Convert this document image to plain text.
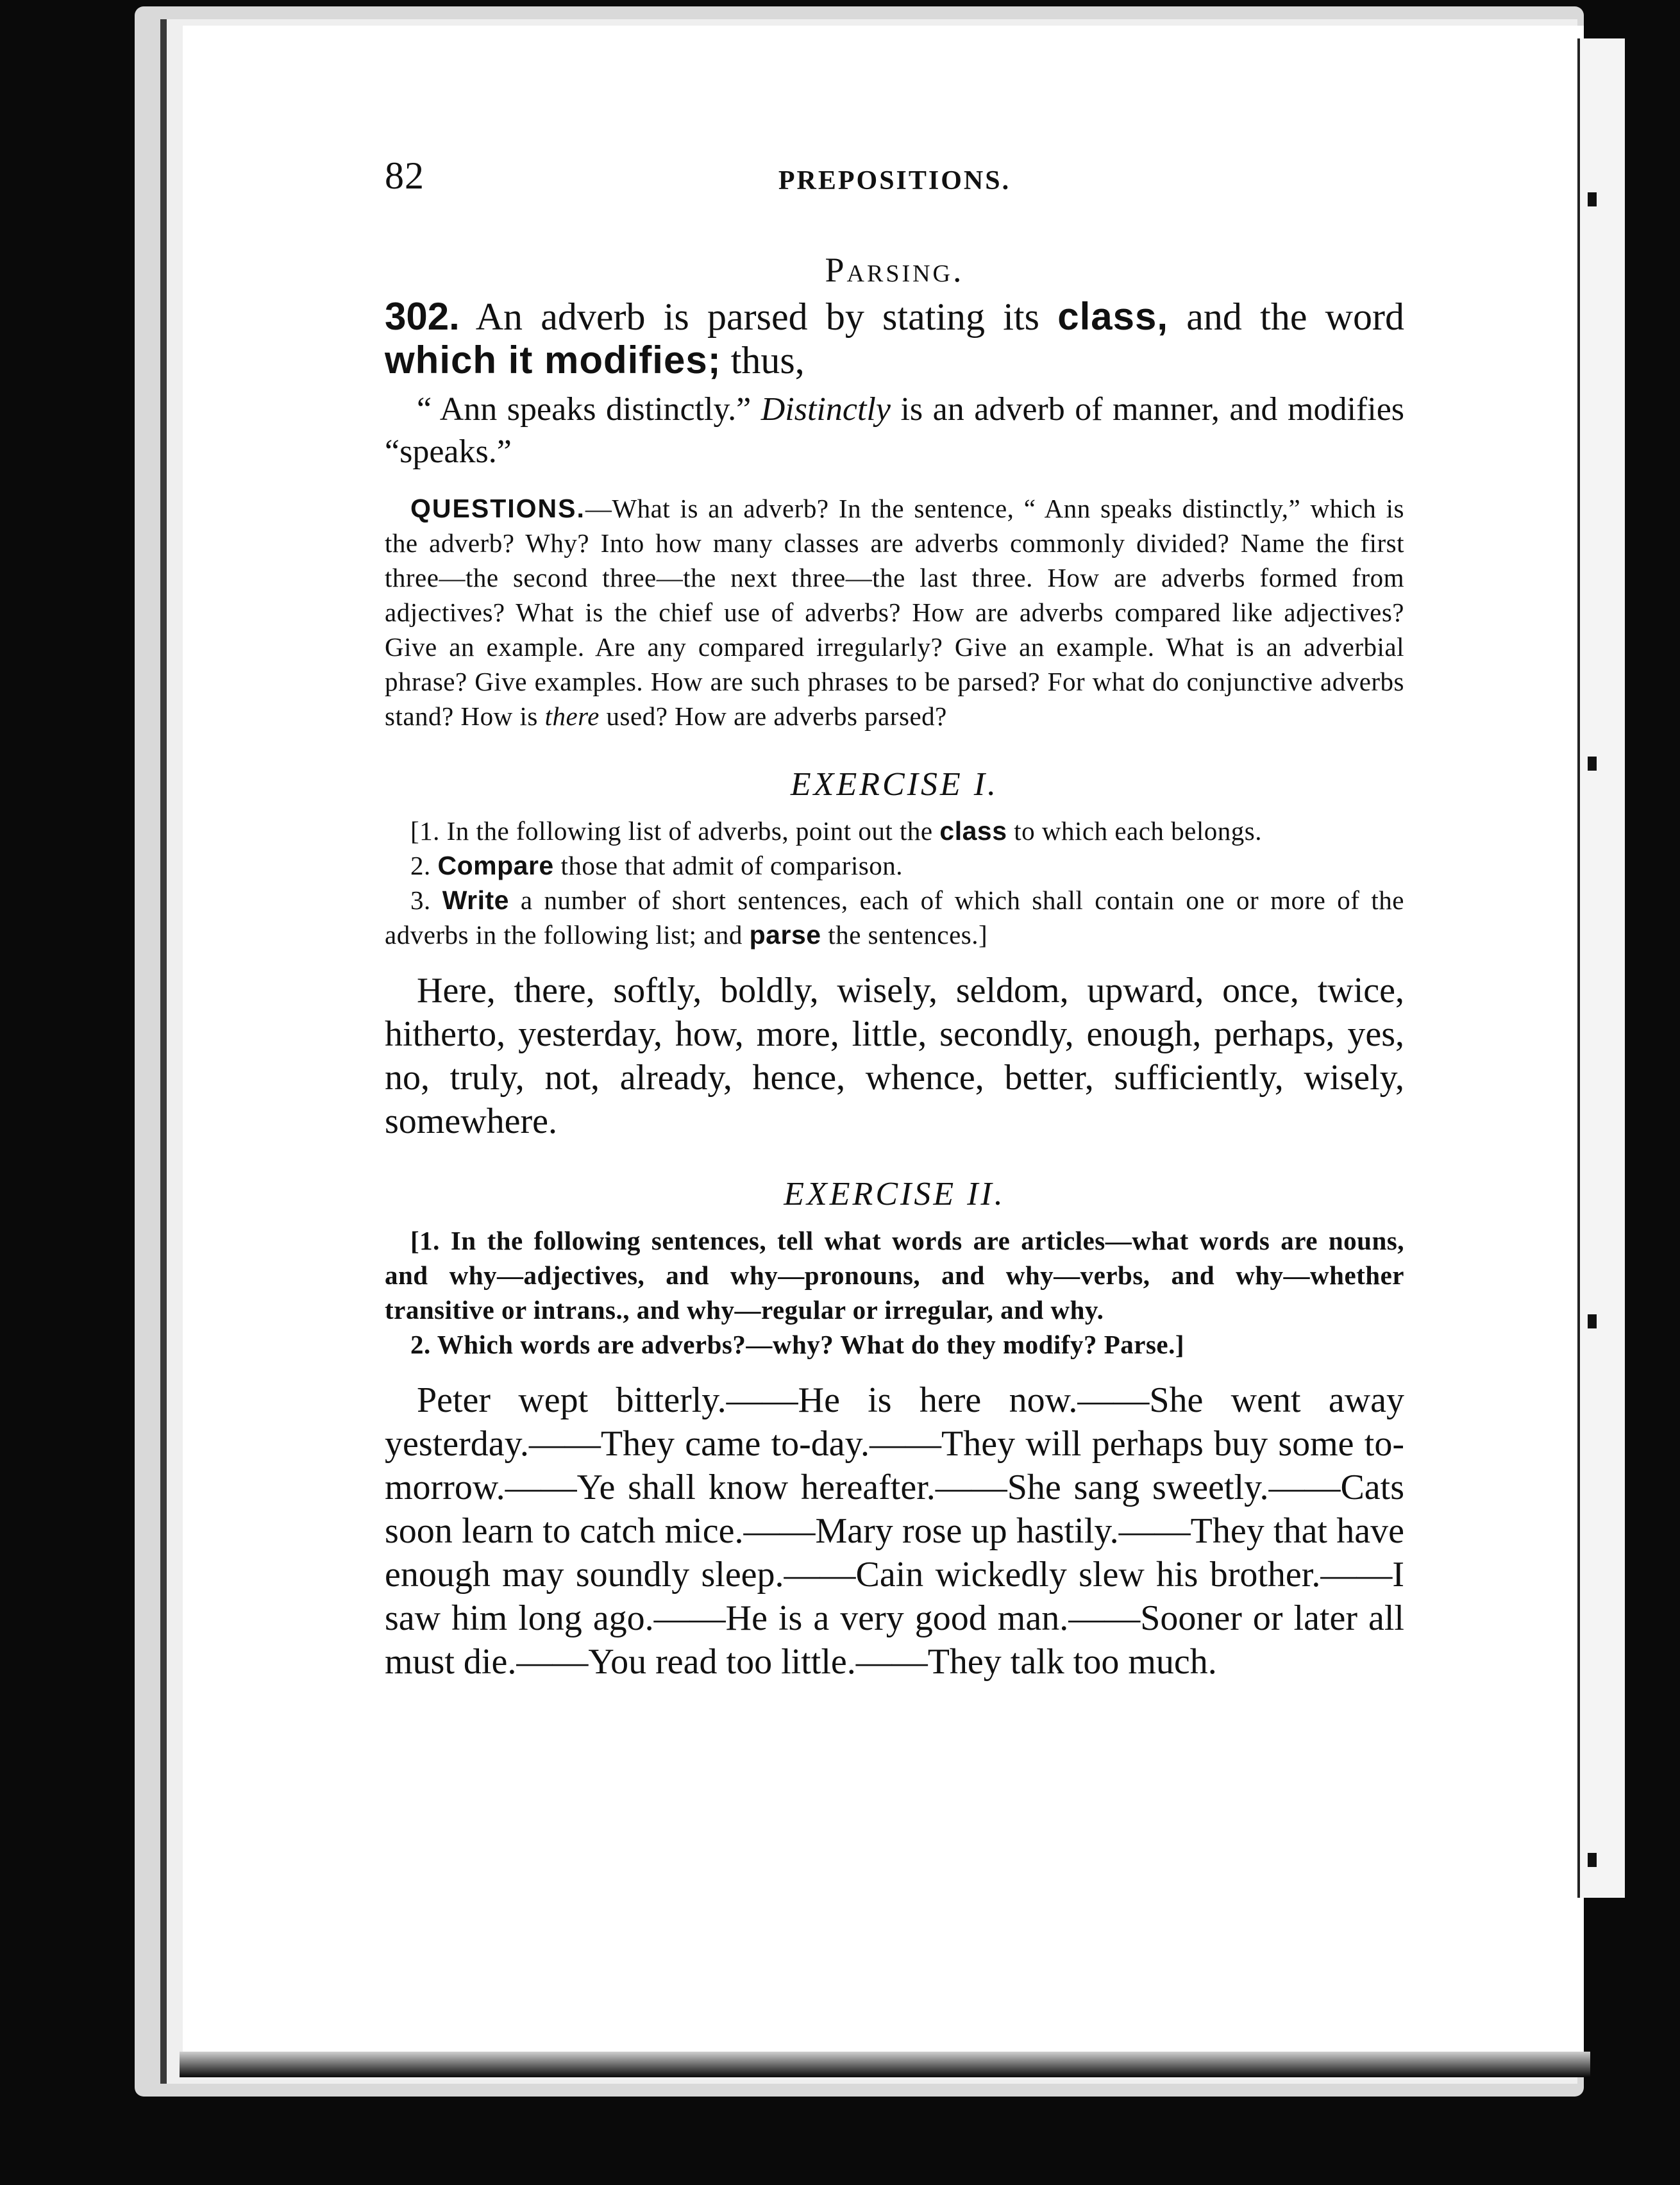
82	PREPOSITIONS.
Parsing.

302. An adverb is parsed by stating its class, and the word which it modifies; thus,

“ Ann speaks distinctly.” Distinctly is an adverb of manner, and modifies “speaks.”

QUESTIONS.—What is an adverb? In the sentence, “ Ann speaks distinctly,” which is the adverb? Why? Into how many classes are adverbs commonly divided? Name the first three—the second three—the next three—the last three. How are adverbs formed from adjectives? What is the chief use of adverbs? How are adverbs compared like adjectives? Give an example. Are any compared irregularly? Give an example. What is an adverbial phrase? Give examples. How are such phrases to be parsed? For what do conjunctive adverbs stand? How is there used? How are adverbs parsed?

EXERCISE I.

[1. In the following list of adverbs, point out the class to which each belongs.

2. Compare those that admit of comparison.

3. Write a number of short sentences, each of which shall contain one or more of the adverbs in the following list; and parse the sentences.]

Here, there, softly, boldly, wisely, seldom, upward, once, twice, hitherto, yesterday, how, more, little, secondly, enough, perhaps, yes, no, truly, not, already, hence, whence, better, sufficiently, wisely, somewhere.

EXERCISE II.

[1. In the following sentences, tell what words are articles—what words are nouns, and why—adjectives, and why—pronouns, and why—verbs, and why—whether transitive or intrans., and why—regular or irregular, and why.

2. Which words are adverbs?—why? What do they modify? Parse.]

Peter wept bitterly.——He is here now.——She went away yesterday.——They came to-day.——They will perhaps buy some to-morrow.——Ye shall know hereafter.——She sang sweetly.——Cats soon learn to catch mice.——Mary rose up hastily.——They that have enough may soundly sleep.——Cain wickedly slew his brother.——I saw him long ago.——He is a very good man.——Sooner or later all must die.——You read too little.——They talk too much.
